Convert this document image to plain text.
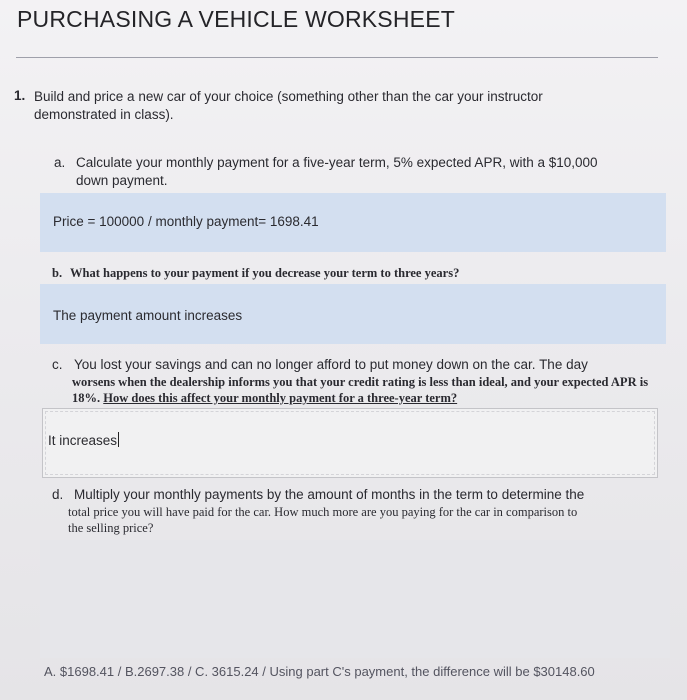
PURCHASING A VEHICLE WORKSHEET
1. Build and price a new car of your choice (something other than the car your instructor
demonstrated in class).
a. Calculate your monthly payment for a five-year term, 5% expected APR, with a $10,000
down payment.
Price = 100000 / monthly payment= 1698.41
b. What happens to your payment if you decrease your term to three years?
The payment amount increases
c. You lost your savings and can no longer afford to put money down on the car. The day
worsens when the dealership informs you that your credit rating is less than ideal, and your expected APR is
18%. How does this affect your monthly payment for a three-year term?
It increases
d. Multiply your monthly payments by the amount of months in the term to determine the
total price you will have paid for the car. How much more are you paying for the car in comparison to
the selling price?
A. $1698.41 / B.2697.38 / C. 3615.24 / Using part C's payment, the difference will be $30148.60
